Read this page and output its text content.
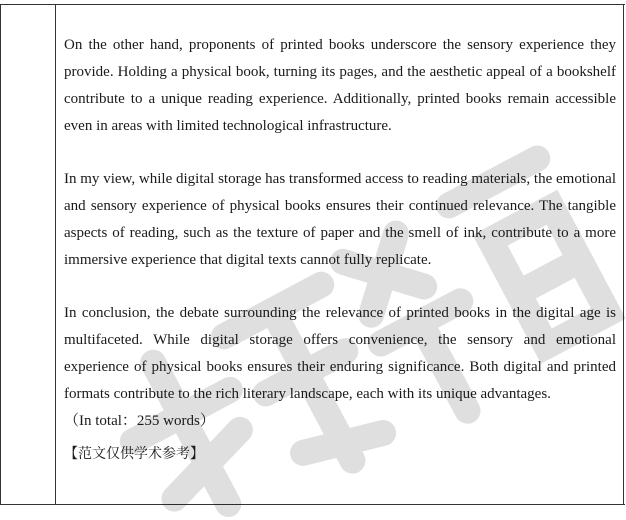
On the other hand, proponents of printed books underscore the sensory experience they provide. Holding a physical book, turning its pages, and the aesthetic appeal of a bookshelf contribute to a unique reading experience. Additionally, printed books remain accessible even in areas with limited technological infrastructure.

In my view, while digital storage has transformed access to reading materials, the emotional and sensory experience of physical books ensures their continued relevance. The tangible aspects of reading, such as the texture of paper and the smell of ink, contribute to a more immersive experience that digital texts cannot fully replicate.

In conclusion, the debate surrounding the relevance of printed books in the digital age is multifaceted. While digital storage offers convenience, the sensory and emotional experience of physical books ensures their enduring significance. Both digital and printed formats contribute to the rich literary landscape, each with its unique advantages.

（In total：255 words）

【范文仅供学术参考】
